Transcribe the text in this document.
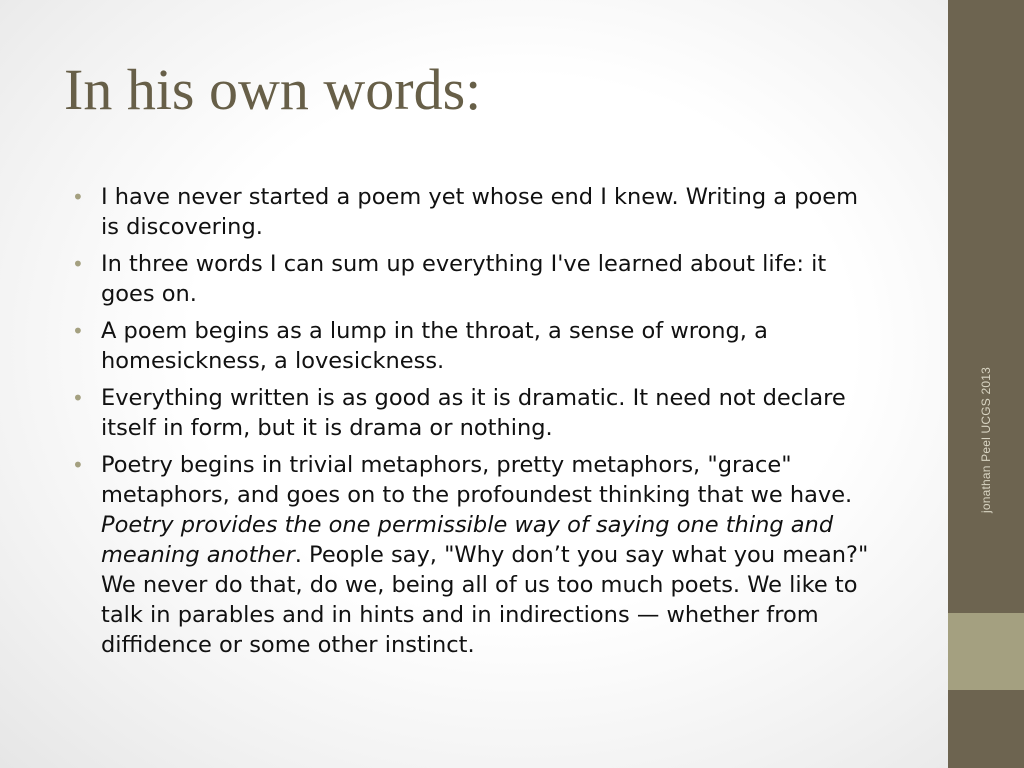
In his own words:
• I have never started a poem yet whose end I knew. Writing a poem is discovering.
• In three words I can sum up everything I've learned about life: it goes on.
• A poem begins as a lump in the throat, a sense of wrong, a homesickness, a lovesickness.
• Everything written is as good as it is dramatic. It need not declare itself in form, but it is drama or nothing.
• Poetry begins in trivial metaphors, pretty metaphors, "grace" metaphors, and goes on to the profoundest thinking that we have. Poetry provides the one permissible way of saying one thing and meaning another. People say, "Why don’t you say what you mean?" We never do that, do we, being all of us too much poets. We like to talk in parables and in hints and in indirections — whether from diffidence or some other instinct.
jonathan Peel UCGS 2013
